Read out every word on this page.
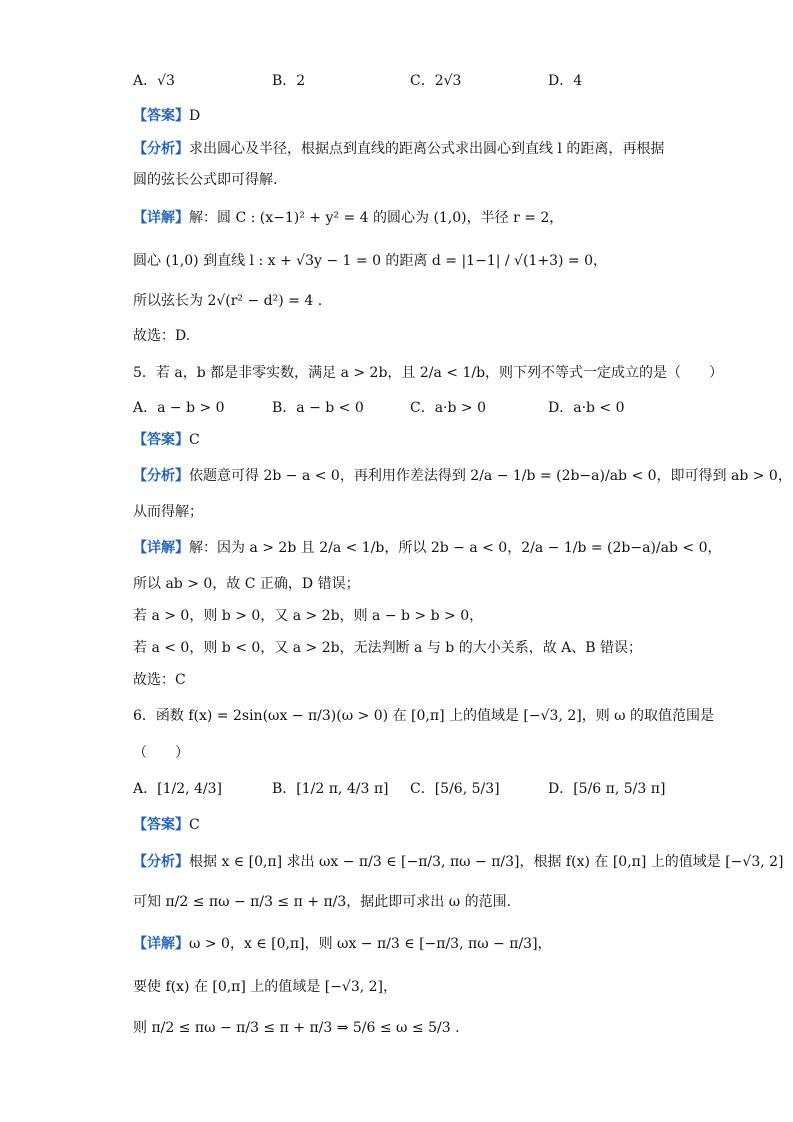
A．√3	B．2	C．2√3	D．4
【答案】D
【分析】求出圆心及半径，根据点到直线的距离公式求出圆心到直线 l 的距离，再根据
圆的弦长公式即可得解.
【详解】解：圆 C : (x−1)² + y² = 4 的圆心为 (1,0)，半径 r = 2，
圆心 (1,0) 到直线 l : x + √3y − 1 = 0 的距离 d = |1−1| / √(1+3) = 0，
所以弦长为 2√(r² − d²) = 4 .
故选：D.
5．若 a，b 都是非零实数，满足 a > 2b，且 2/a < 1/b，则下列不等式一定成立的是（　　）
A．a − b > 0	B．a − b < 0	C．a·b > 0	D．a·b < 0
【答案】C
【分析】依题意可得 2b − a < 0，再利用作差法得到 2/a − 1/b = (2b−a)/ab < 0，即可得到 ab > 0，
从而得解；
【详解】解：因为 a > 2b 且 2/a < 1/b，所以 2b − a < 0，2/a − 1/b = (2b−a)/ab < 0，
所以 ab > 0，故 C 正确，D 错误；
若 a > 0，则 b > 0，又 a > 2b，则 a − b > b > 0，
若 a < 0，则 b < 0，又 a > 2b，无法判断 a 与 b 的大小关系，故 A、B 错误；
故选：C
6．函数 f(x) = 2sin(ωx − π/3)(ω > 0) 在 [0,π] 上的值域是 [−√3, 2]，则 ω 的取值范围是
（　　）
A．[1/2, 4/3]	B．[1/2 π, 4/3 π] C．[5/6, 5/3]	D．[5/6 π, 5/3 π]
【答案】C
【分析】根据 x ∈ [0,π] 求出 ωx − π/3 ∈ [−π/3, πω − π/3]，根据 f(x) 在 [0,π] 上的值域是 [−√3, 2]
可知 π/2 ≤ πω − π/3 ≤ π + π/3，据此即可求出 ω 的范围.
【详解】ω > 0，x ∈ [0,π]，则 ωx − π/3 ∈ [−π/3, πω − π/3]，
要使 f(x) 在 [0,π] 上的值域是 [−√3, 2]，
则 π/2 ≤ πω − π/3 ≤ π + π/3 ⇒ 5/6 ≤ ω ≤ 5/3 .
